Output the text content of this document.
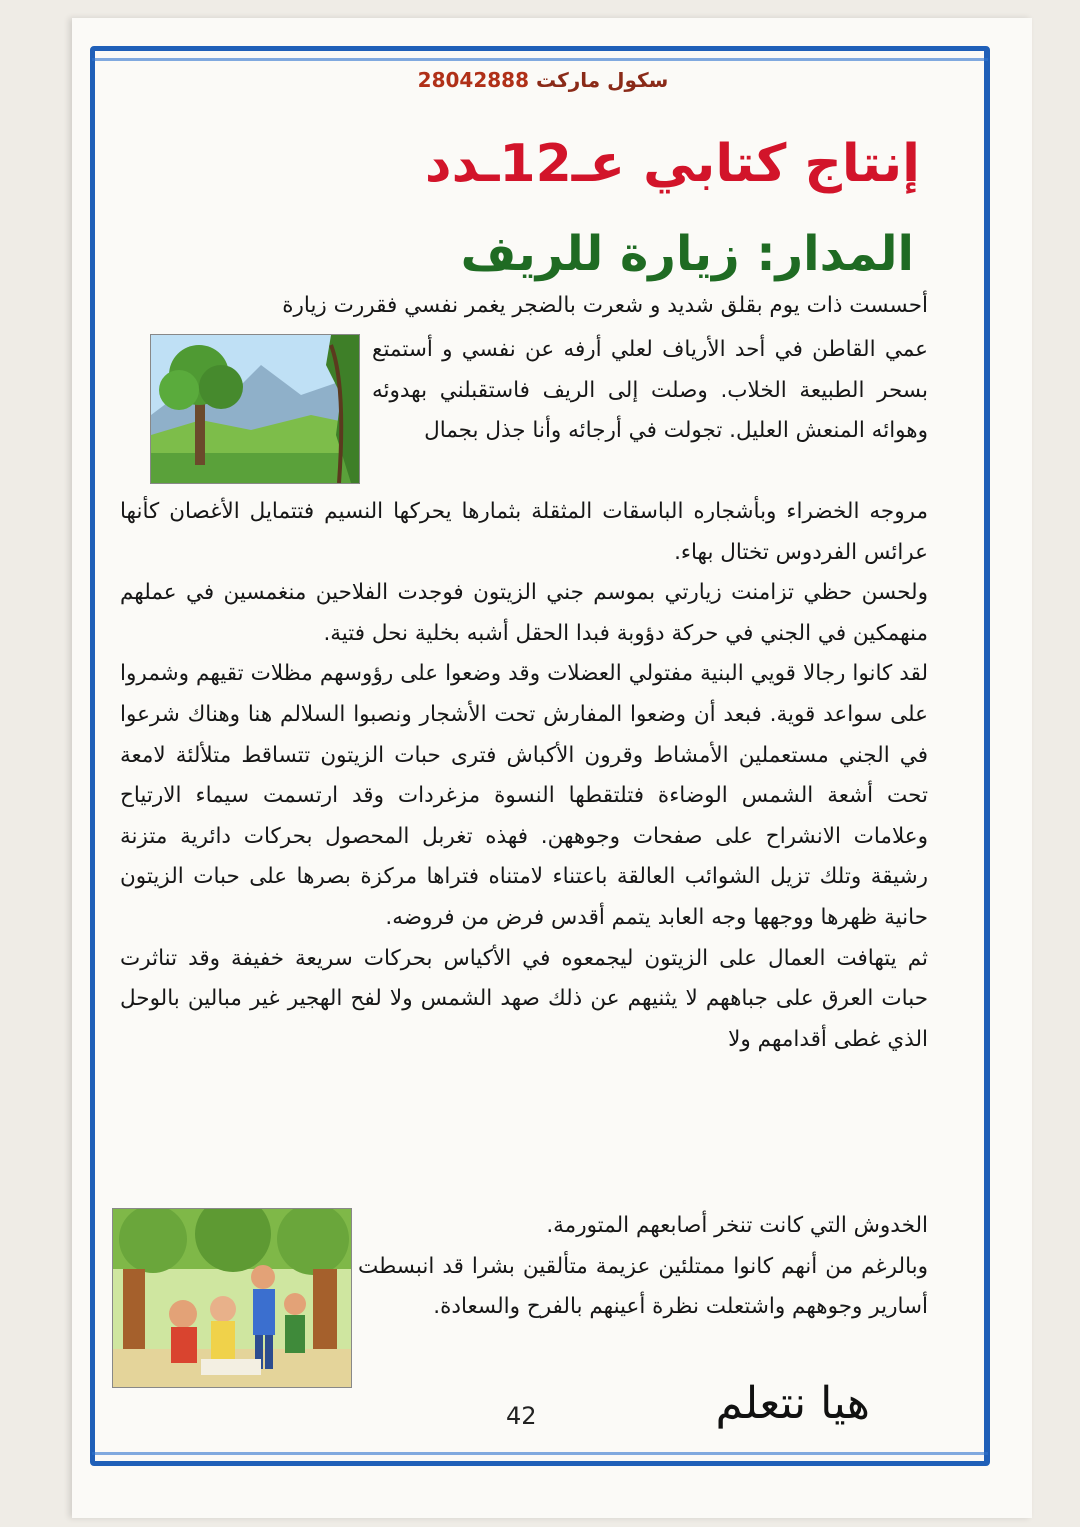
سكول ماركت 28042888
إنتاج كتابي عـ12ـدد
المدار: زيارة للريف

أحسست ذات يوم بقلق شديد و شعرت بالضجر يغمر نفسي فقررت زيارة

عمي القاطن في أحد الأرياف لعلي أرفه عن نفسي و أستمتع بسحر الطبيعة الخلاب. وصلت إلى الريف فاستقبلني بهدوئه وهوائه المنعش العليل. تجولت في أرجائه وأنا جذل بجمال

مروجه الخضراء وبأشجاره الباسقات المثقلة بثمارها يحركها النسيم فتتمايل الأغصان كأنها عرائس الفردوس تختال بهاء.

ولحسن حظي تزامنت زيارتي بموسم جني الزيتون فوجدت الفلاحين منغمسين في عملهم منهمكين في الجني في حركة دؤوبة فبدا الحقل أشبه بخلية نحل فتية.

لقد كانوا رجالا قويي البنية مفتولي العضلات وقد وضعوا على رؤوسهم مظلات تقيهم وشمروا على سواعد قوية. فبعد أن وضعوا المفارش تحت الأشجار ونصبوا السلالم هنا وهناك شرعوا في الجني مستعملين الأمشاط وقرون الأكباش فترى حبات الزيتون تتساقط متلألئة لامعة تحت أشعة الشمس الوضاءة فتلتقطها النسوة مزغردات وقد ارتسمت سيماء الارتياح وعلامات الانشراح على صفحات وجوههن. فهذه تغربل المحصول بحركات دائرية متزنة رشيقة وتلك تزيل الشوائب العالقة باعتناء لامتناه فتراها مركزة بصرها على حبات الزيتون حانية ظهرها ووجهها وجه العابد يتمم أقدس فرض من فروضه.

ثم يتهافت العمال على الزيتون ليجمعوه في الأكياس بحركات سريعة خفيفة وقد تناثرت حبات العرق على جباههم لا يثنيهم عن ذلك صهد الشمس ولا لفح الهجير غير مبالين بالوحل الذي غطى أقدامهم ولا

الخدوش التي كانت تنخر أصابعهم المتورمة.

وبالرغم من أنهم كانوا ممتلئين عزيمة متألقين بشرا قد انبسطت أسارير وجوههم واشتعلت نظرة أعينهم بالفرح والسعادة.

هيا نتعلم
42
